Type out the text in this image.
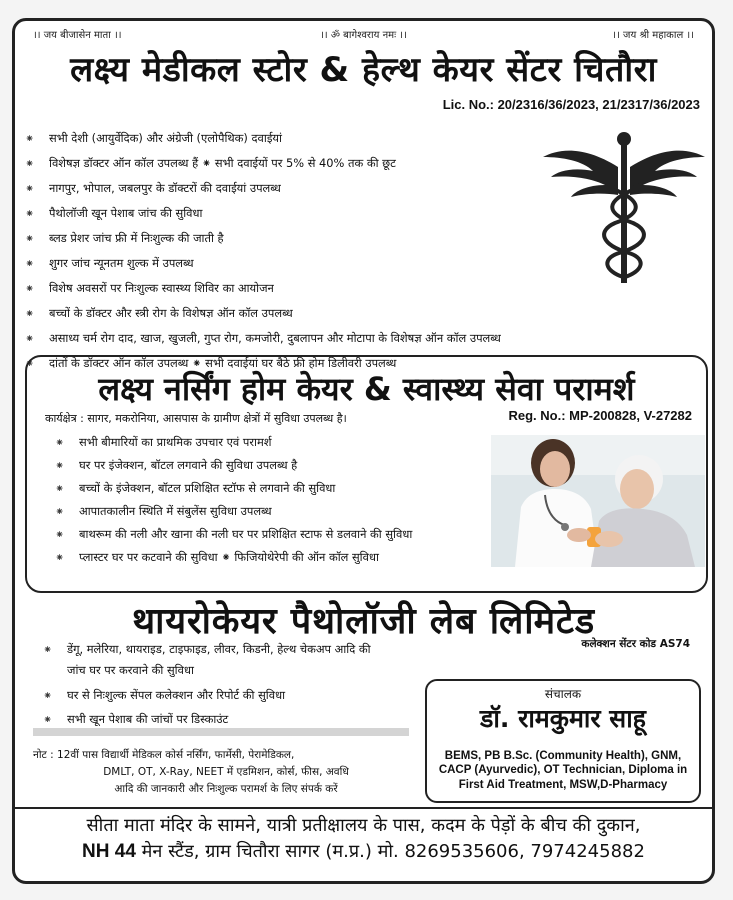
।। जय बीजासेन माता ।।	।। ॐ बागेश्वराय नमः ।।	।। जय श्री महाकाल ।।
लक्ष्य मेडीकल स्टोर & हेल्थ केयर सेंटर चितौरा
Lic. No.: 20/2316/36/2023, 21/2317/36/2023
⁕ सभी देशी (आयुर्वेदिक) और अंग्रेजी (एलोपैथिक) दवाईयां
⁕ विशेषज्ञ डॉक्टर ऑन कॉल उपलब्ध हैं ⁕ सभी दवाईयों पर 5% से 40% तक की छूट
⁕ नागपुर, भोपाल, जबलपुर के डॉक्टरों की दवाईयां उपलब्ध
⁕ पैथोलॉजी खून पेशाब जांच की सुविधा
⁕ ब्लड प्रेशर जांच फ्री में निःशुल्क की जाती है
⁕ शुगर जांच न्यूनतम शुल्क में उपलब्ध
⁕ विशेष अवसरों पर निःशुल्क स्वास्थ्य शिविर का आयोजन
⁕ बच्चों के डॉक्टर और स्त्री रोग के विशेषज्ञ ऑन कॉल उपलब्ध
⁕ असाध्य चर्म रोग दाद, खाज, खुजली, गुप्त रोग, कमजोरी, दुबलापन और मोटापा के विशेषज्ञ ऑन कॉल उपलब्ध
⁕ दांतों के डॉक्टर ऑन कॉल उपलब्ध ⁕ सभी दवाईयां घर बैठे फ्री होम डिलीवरी उपलब्ध
लक्ष्य नर्सिंग होम केयर & स्वास्थ्य सेवा परामर्श
कार्यक्षेत्र : सागर, मकरोनिया, आसपास के ग्रामीण क्षेत्रों में सुविधा उपलब्ध है।	Reg. No.: MP-200828, V-27282
⁕ सभी बीमारियों का प्राथमिक उपचार एवं परामर्श
⁕ घर पर इंजेक्शन, बॉटल लगवाने की सुविधा उपलब्ध है
⁕ बच्चों के इंजेक्शन, बॉटल प्रशिक्षित स्टॉफ से लगवाने की सुविधा
⁕ आपातकालीन स्थिति में संबुलेंस सुविधा उपलब्ध
⁕ बाथरूम की नली और खाना की नली घर पर प्रशिक्षित स्टाफ से डलवाने की सुविधा
⁕ प्लास्टर घर पर कटवाने की सुविधा ⁕ फिजियोथेरेपी की ऑन कॉल सुविधा
थायरोकेयर पैथोलॉजी लेब लिमिटेड
कलेक्शन सेंटर कोड AS74
⁕ डेंगू, मलेरिया, थायराइड, टाइफाइड, लीवर, किडनी, हेल्थ चेकअप आदि की
जांच घर पर करवाने की सुविधा
⁕ घर से निःशुल्क सेंपल कलेक्शन और रिपोर्ट की सुविधा
⁕ सभी खून पेशाब की जांचों पर डिस्काउंट
संचालक
डॉ. रामकुमार साहू
BEMS, PB B.Sc. (Community Health), GNM, CACP (Ayurvedic), OT Technician, Diploma in First Aid Treatment, MSW,D-Pharmacy
नोट : 12वीं पास विद्यार्थी मेडिकल कोर्स नर्सिंग, फार्मेसी, पेरामेडिकल,
DMLT, OT, X-Ray, NEET में एडमिशन, कोर्स, फीस, अवधि
आदि की जानकारी और निःशुल्क परामर्श के लिए संपर्क करें
सीता माता मंदिर के सामने, यात्री प्रतीक्षालय के पास, कदम के पेड़ों के बीच की दुकान,
NH 44 मेन स्टैंड, ग्राम चितौरा सागर (म.प्र.) मो. 8269535606, 7974245882
